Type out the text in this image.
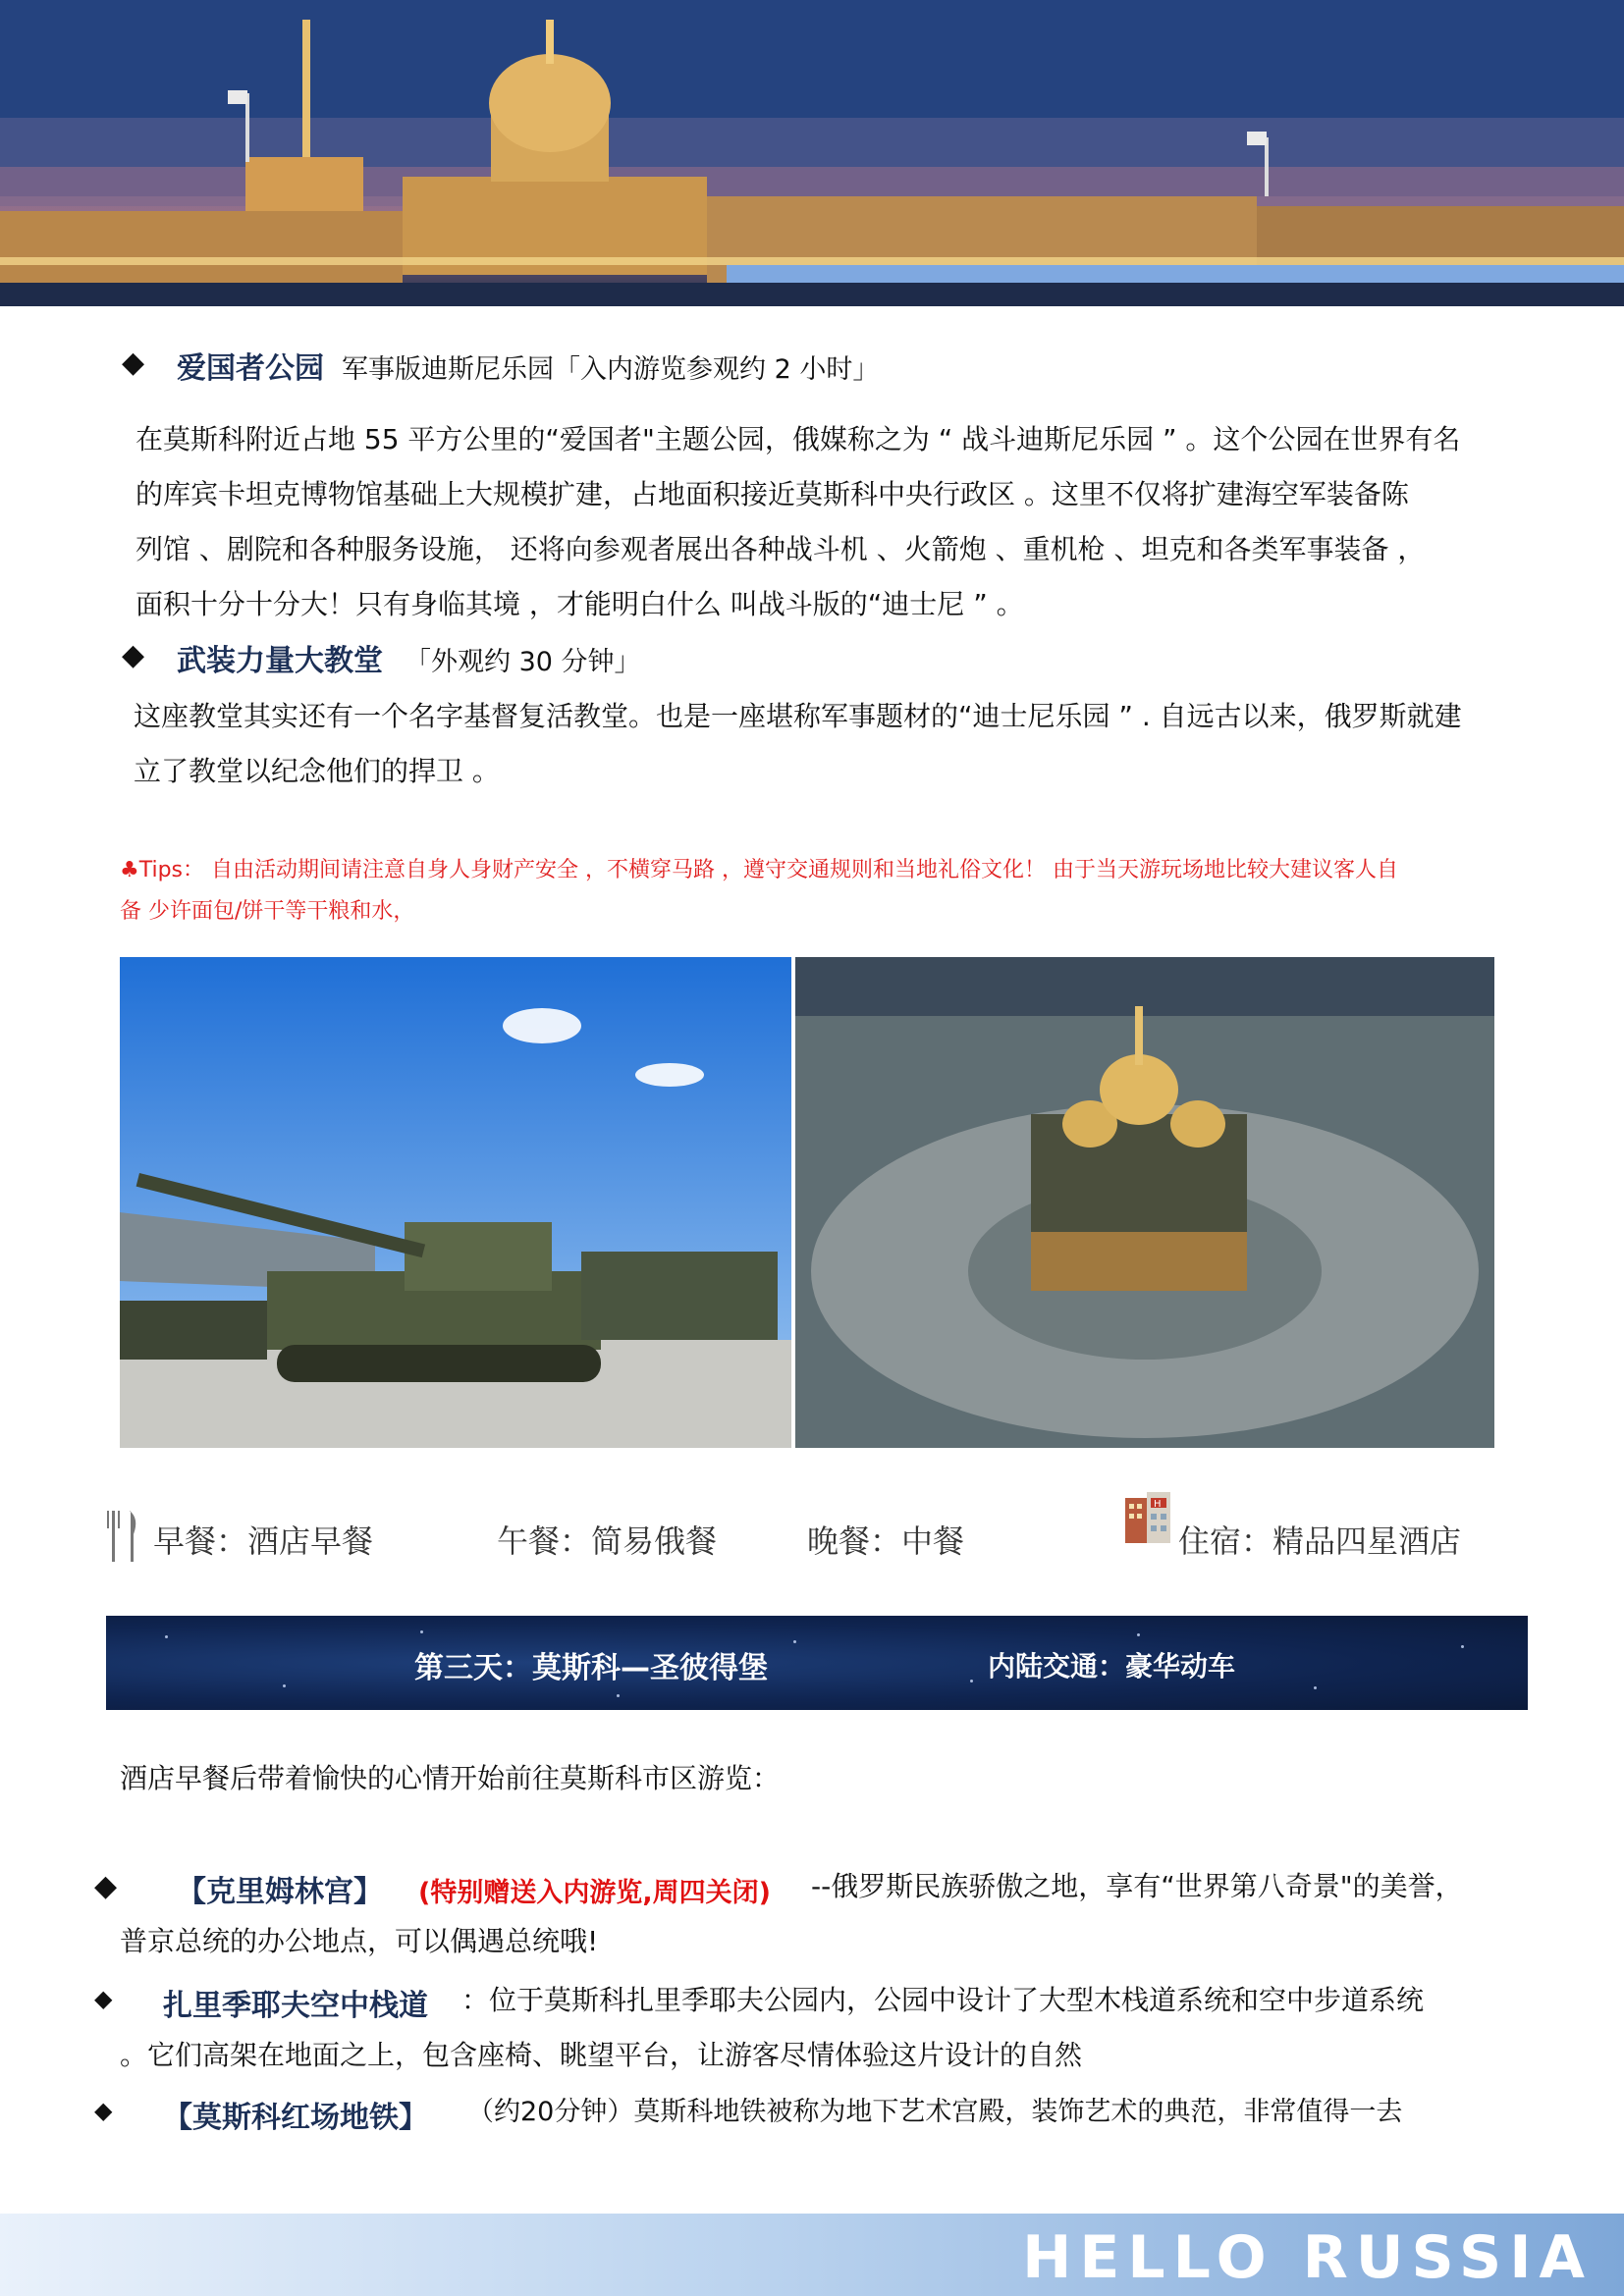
◆ 爱国者公园 军事版迪斯尼乐园「入内游览参观约 2 小时」
在莫斯科附近占地 55 平方公里的“爱国者"主题公园，俄媒称之为 “ 战斗迪斯尼乐园 ” 。这个公园在世界有名
的库宾卡坦克博物馆基础上大规模扩建，占地面积接近莫斯科中央行政区 。这里不仅将扩建海空军装备陈
列馆 、剧院和各种服务设施， 还将向参观者展出各种战斗机 、火箭炮 、重机枪 、坦克和各类军事装备 ，
面积十分十分大！只有身临其境 ，才能明白什么 叫战斗版的“迪士尼 ” 。
◆ 武装力量大教堂 「外观约 30 分钟」
这座教堂其实还有一个名字基督复活教堂。也是一座堪称军事题材的“迪士尼乐园 ” . 自远古以来，俄罗斯就建
立了教堂以纪念他们的捍卫 。
♣Tips： 自由活动期间请注意自身人身财产安全 ，不横穿马路 ，遵守交通规则和当地礼俗文化！ 由于当天游玩场地比较大建议客人自
备 少许面包/饼干等干粮和水，
早餐：酒店早餐	午餐：简易俄餐	晚餐：中餐
H
住宿：精品四星酒店
第三天：莫斯科—圣彼得堡	内陆交通：豪华动车
酒店早餐后带着愉快的心情开始前往莫斯科市区游览：
◆ 【克里姆林宫】 (特别赠送入内游览,周四关闭) --俄罗斯民族骄傲之地，享有“世界第八奇景"的美誉，
普京总统的办公地点，可以偶遇总统哦!
◆ 扎里季耶夫空中栈道 ：位于莫斯科扎里季耶夫公园内，公园中设计了大型木栈道系统和空中步道系统
。它们高架在地面之上，包含座椅、眺望平台，让游客尽情体验这片设计的自然
◆ 【莫斯科红场地铁】 （约20分钟）莫斯科地铁被称为地下艺术宫殿，装饰艺术的典范，非常值得一去
HELLO RUSSIA
